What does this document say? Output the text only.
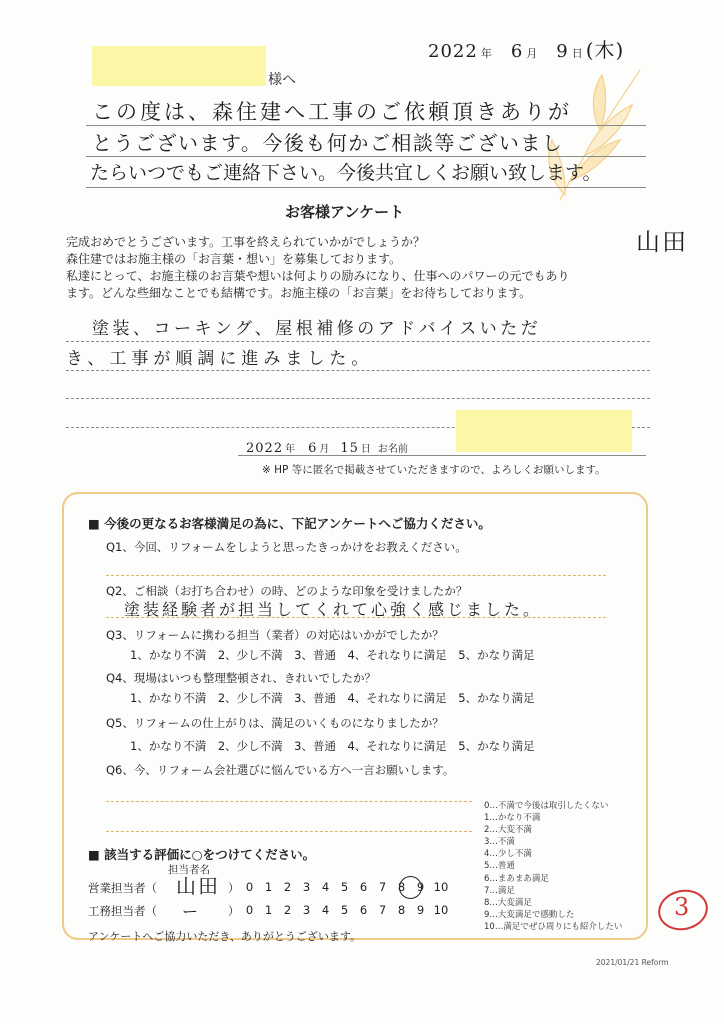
2022 年 6 月 9 日 (木)
様へ
この度は、森住建へ工事のご依頼頂きありが
とうございます。今後も何かご相談等ございまし
たらいつでもご連絡下さい。今後共宜しくお願い致します。
山田
お客様アンケート
完成おめでとうございます。工事を終えられていかがでしょうか？
森住建ではお施主様の「お言葉・想い」を募集しております。
私達にとって、お施主様のお言葉や想いは何よりの励みになり、仕事へのパワーの元でもあり
ます。どんな些細なことでも結構です。お施主様の「お言葉」をお待ちしております。
塗装、コーキング、屋根補修のアドバイスいただ
き、工事が順調に進みました。
2022 年 6 月 15 日 お名前
※ HP 等に匿名で掲載させていただきますので、よろしくお願いします。
■ 今後の更なるお客様満足の為に、下記アンケートへご協力ください。
Q1、今回、リフォームをしようと思ったきっかけをお教えください。
Q2、ご相談（お打ち合わせ）の時、どのような印象を受けましたか？
塗装経験者が担当してくれて心強く感じました。
Q3、リフォームに携わる担当（業者）の対応はいかがでしたか？
1、かなり不満　2、少し不満　3、普通　4、それなりに満足　5、かなり満足
Q4、現場はいつも整理整頓され、きれいでしたか？
1、かなり不満　2、少し不満　3、普通　4、それなりに満足　5、かなり満足
Q5、リフォームの仕上がりは、満足のいくものになりましたか？
1、かなり不満　2、少し不満　3、普通　4、それなりに満足　5、かなり満足
Q6、今、リフォーム会社選びに悩んでいる方へ一言お願いします。
■ 該当する評価に○をつけてください。
担当者名
営業担当者（ 山田 ） 0 1 2 3 4 5 6 7 8 9 10
工務担当者（ ー ） 0 1 2 3 4 5 6 7 8 9 10
アンケートへご協力いただき、ありがとうございます。
0…不満で今後は取引したくない
1…かなり不満
2…大変不満
3…不満
4…少し不満
5…普通
6…まあまあ満足
7…満足
8…大変満足
9…大変満足で感動した
10…満足でぜひ周りにも紹介したい
3
2021/01/21 Reform
